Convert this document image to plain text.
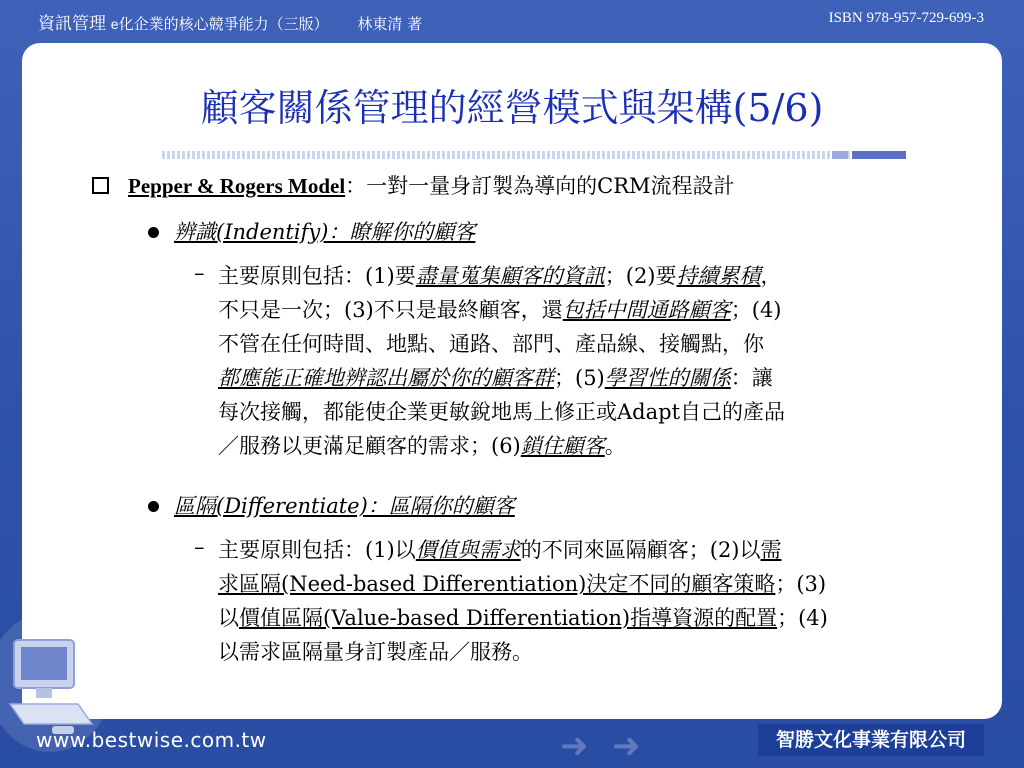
資訊管理 e化企業的核心競爭能力（三版） 林東清 著	ISBN 978-957-729-699-3
顧客關係管理的經營模式與架構(5/6)
Pepper & Rogers Model：一對一量身訂製為導向的CRM流程設計
辨識(Indentify)：瞭解你的顧客
– 主要原則包括：(1)要盡量蒐集顧客的資訊；(2)要持續累積，
不只是一次；(3)不只是最終顧客，還包括中間通路顧客；(4)
不管在任何時間、地點、通路、部門、產品線、接觸點，你
都應能正確地辨認出屬於你的顧客群；(5)學習性的關係：讓
每次接觸，都能使企業更敏銳地馬上修正或Adapt自己的產品
／服務以更滿足顧客的需求；(6)鎖住顧客。
區隔(Differentiate)：區隔你的顧客
– 主要原則包括：(1)以價值與需求的不同來區隔顧客；(2)以需
求區隔(Need-based Differentiation)決定不同的顧客策略；(3)
以價值區隔(Value-based Differentiation)指導資源的配置；(4)
以需求區隔量身訂製產品／服務。
➜ ➜
www.bestwise.com.tw	智勝文化事業有限公司
